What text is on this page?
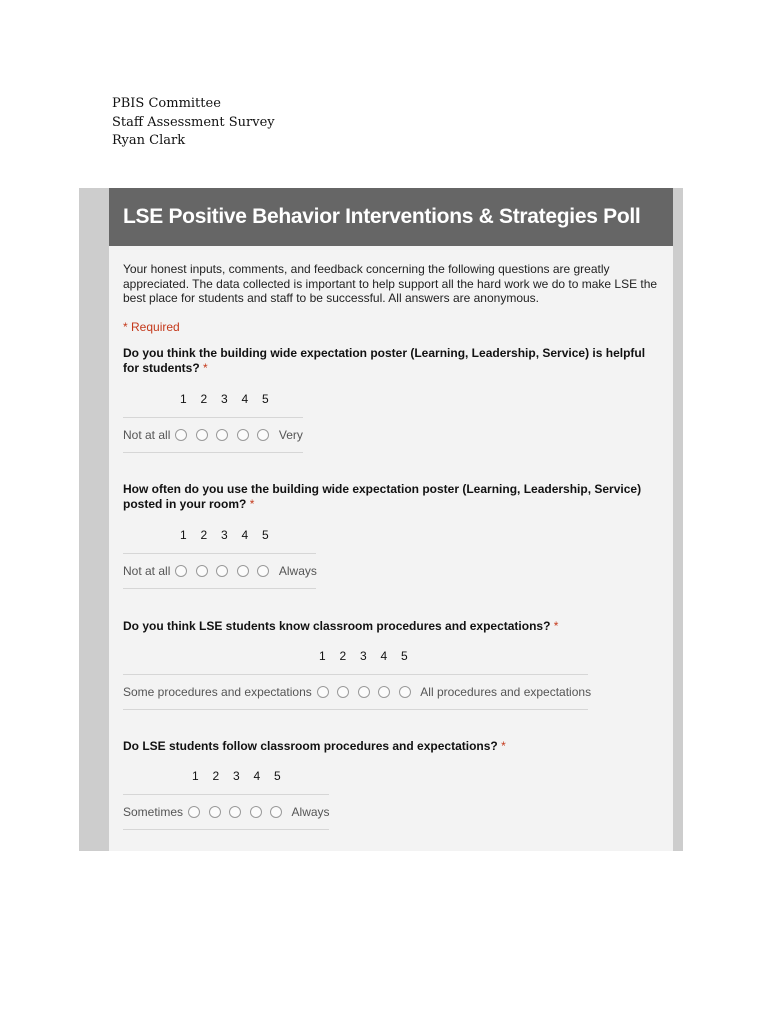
PBIS Committee
Staff Assessment Survey
Ryan Clark
LSE Positive Behavior Interventions & Strategies Poll
Your honest inputs, comments, and feedback concerning the following questions are greatly appreciated. The data collected is important to help support all the hard work we do to make LSE the best place for students and staff to be successful. All answers are anonymous.
* Required
Do you think the building wide expectation poster (Learning, Leadership, Service) is helpful for students? *
1 2 3 4 5
Not at all	Very
How often do you use the building wide expectation poster (Learning, Leadership, Service) posted in your room? *
1 2 3 4 5
Not at all	Always
Do you think LSE students know classroom procedures and expectations? *
1 2 3 4 5
Some procedures and expectations	All procedures and expectations
Do LSE students follow classroom procedures and expectations? *
1 2 3 4 5
Sometimes	Always
